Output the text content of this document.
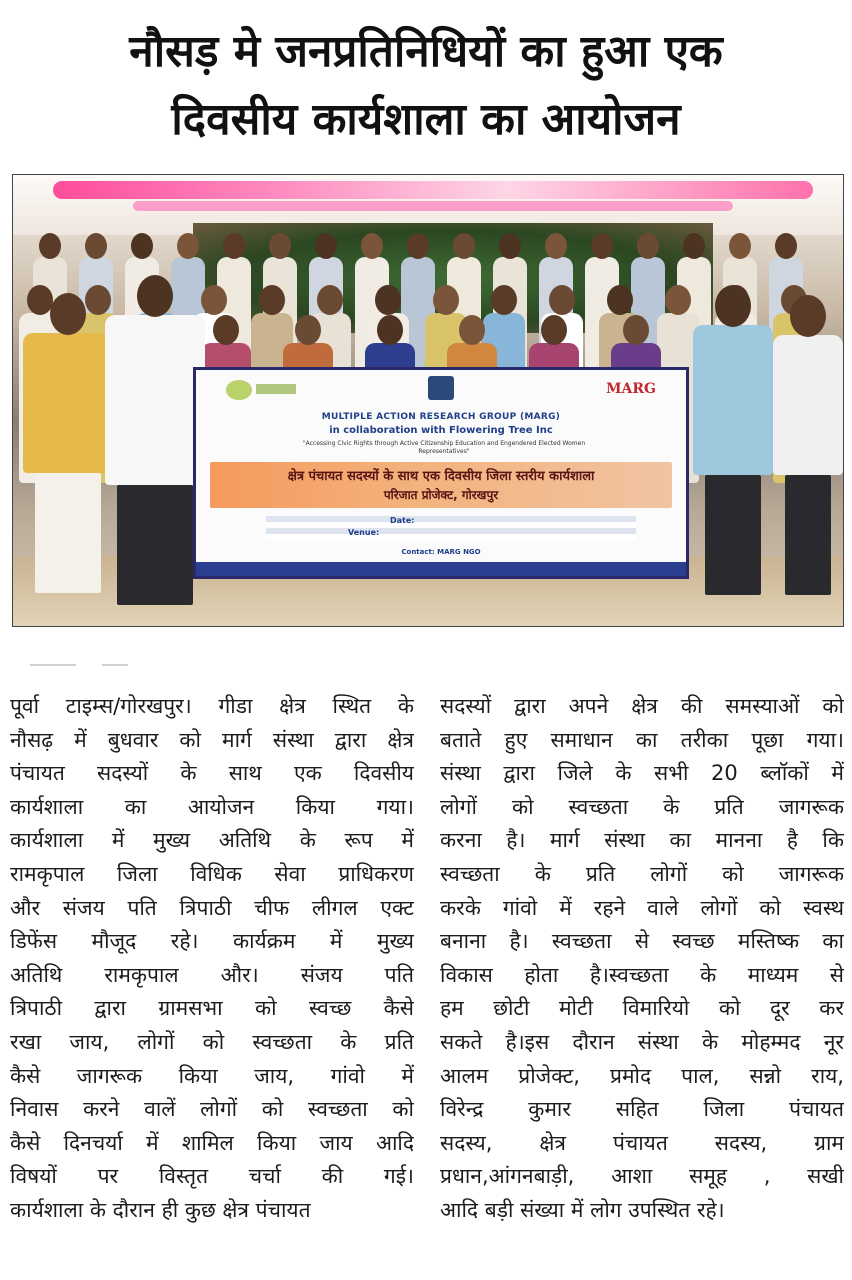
नौसड़ मे जनप्रतिनिधियों का हुआ एक
दिवसीय कार्यशाला का आयोजन
MARG
MULTIPLE ACTION RESEARCH GROUP (MARG)
in collaboration with Flowering Tree Inc
"Accessing Civic Rights through Active Citizenship Education and Engendered Elected Women Representatives"
क्षेत्र पंचायत सदस्यों के साथ एक दिवसीय जिला स्तरीय कार्यशाला
परिजात प्रोजेक्ट, गोरखपुर
Date:
Venue:
Contact: MARG NGO
पूर्वा टाइम्स/गोरखपुर। गीडा क्षेत्र स्थित के
नौसढ़ में बुधवार को मार्ग संस्था द्वारा क्षेत्र
पंचायत सदस्यों के साथ एक दिवसीय
कार्यशाला का आयोजन किया गया।
कार्यशाला में मुख्य अतिथि के रूप में
रामकृपाल जिला विधिक सेवा प्राधिकरण
और संजय पति त्रिपाठी चीफ लीगल एक्ट
डिफेंस मौजूद रहे। कार्यक्रम में मुख्य
अतिथि रामकृपाल और। संजय पति
त्रिपाठी द्वारा ग्रामसभा को स्वच्छ कैसे
रखा जाय, लोगों को स्वच्छता के प्रति
कैसे जागरूक किया जाय, गांवो में
निवास करने वालें लोगों को स्वच्छता को
कैसे दिनचर्या में शामिल किया जाय आदि
विषयों पर विस्तृत चर्चा की गई।
कार्यशाला के दौरान ही कुछ क्षेत्र पंचायत
सदस्यों द्वारा अपने क्षेत्र की समस्याओं को
बताते हुए समाधान का तरीका पूछा गया।
संस्था द्वारा जिले के सभी 20 ब्लॉकों में
लोगों को स्वच्छता के प्रति जागरूक
करना है। मार्ग संस्था का मानना है कि
स्वच्छता के प्रति लोगों को जागरूक
करके गांवो में रहने वाले लोगों को स्वस्थ
बनाना है। स्वच्छता से स्वच्छ मस्तिष्क का
विकास होता है।स्वच्छता के माध्यम से
हम छोटी मोटी विमारियो को दूर कर
सकते है।इस दौरान संस्था के मोहम्मद नूर
आलम प्रोजेक्ट, प्रमोद पाल, सन्नो राय,
विरेन्द्र कुमार सहित जिला पंचायत
सदस्य, क्षेत्र पंचायत सदस्य, ग्राम
प्रधान,आंगनबाड़ी, आशा समूह , सखी
आदि बड़ी संख्या में लोग उपस्थित रहे।
